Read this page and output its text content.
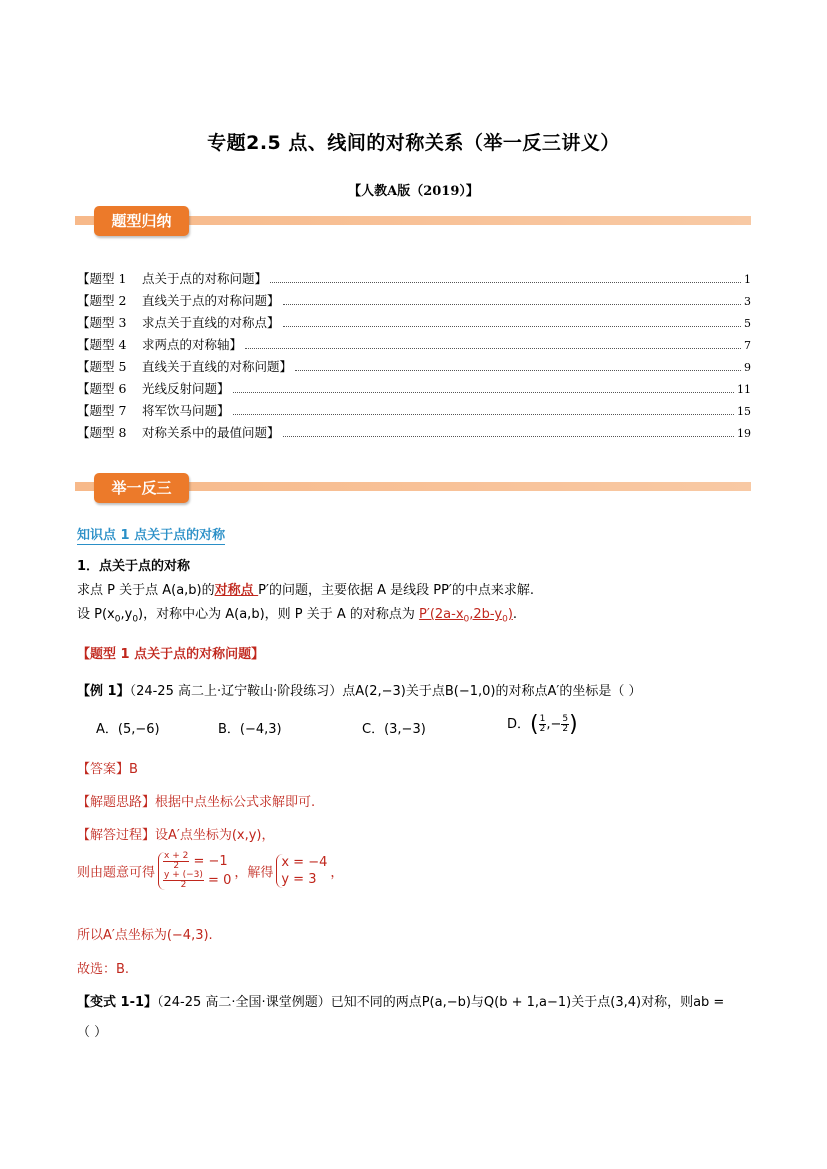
专题2.5 点、线间的对称关系（举一反三讲义）
【人教A版（2019）】
题型归纳
【题型 1	点关于点的对称问题】	1
【题型 2	直线关于点的对称问题】	3
【题型 3	求点关于直线的对称点】	5
【题型 4	求两点的对称轴】	7
【题型 5	直线关于直线的对称问题】	9
【题型 6	光线反射问题】	11
【题型 7	将军饮马问题】	15
【题型 8	对称关系中的最值问题】	19
举一反三
知识点 1 点关于点的对称
1．点关于点的对称
求点 P 关于点 A(a,b)的对称点 P′的问题，主要依据 A 是线段 PP′的中点来求解.
设 $P(x_0,y_0)$，对称中心为 A(a,b)，则 P 关于 A 的对称点为 $P'(2a-x_0,2b-y_0)$.
【题型 1 点关于点的对称问题】
【例 1】（24-25 高二上·辽宁鞍山·阶段练习）点A(2,−3)关于点B(−1,0)的对称点A′的坐标是（ ）
A．(5,−6)	B．(−4,3)	C．(3,−3)	D．( $\frac{1}{2}$ ,− $\frac{5}{2}$ )
【答案】B
【解题思路】根据中点坐标公式求解即可.
【解答过程】设A′点坐标为(x,y)，
则由题意可得
$\frac{x + 2}{2} = -1$
$\frac{y + (-3)}{2} = 0$ ，解得
x = −4
y = 3	，
所以A′点坐标为(−4,3).
故选：B.
【变式 1-1】（24-25 高二·全国·课堂例题）已知不同的两点P(a,−b)与Q(b + 1,a−1)关于点(3,4)对称，则ab =
（ ）
